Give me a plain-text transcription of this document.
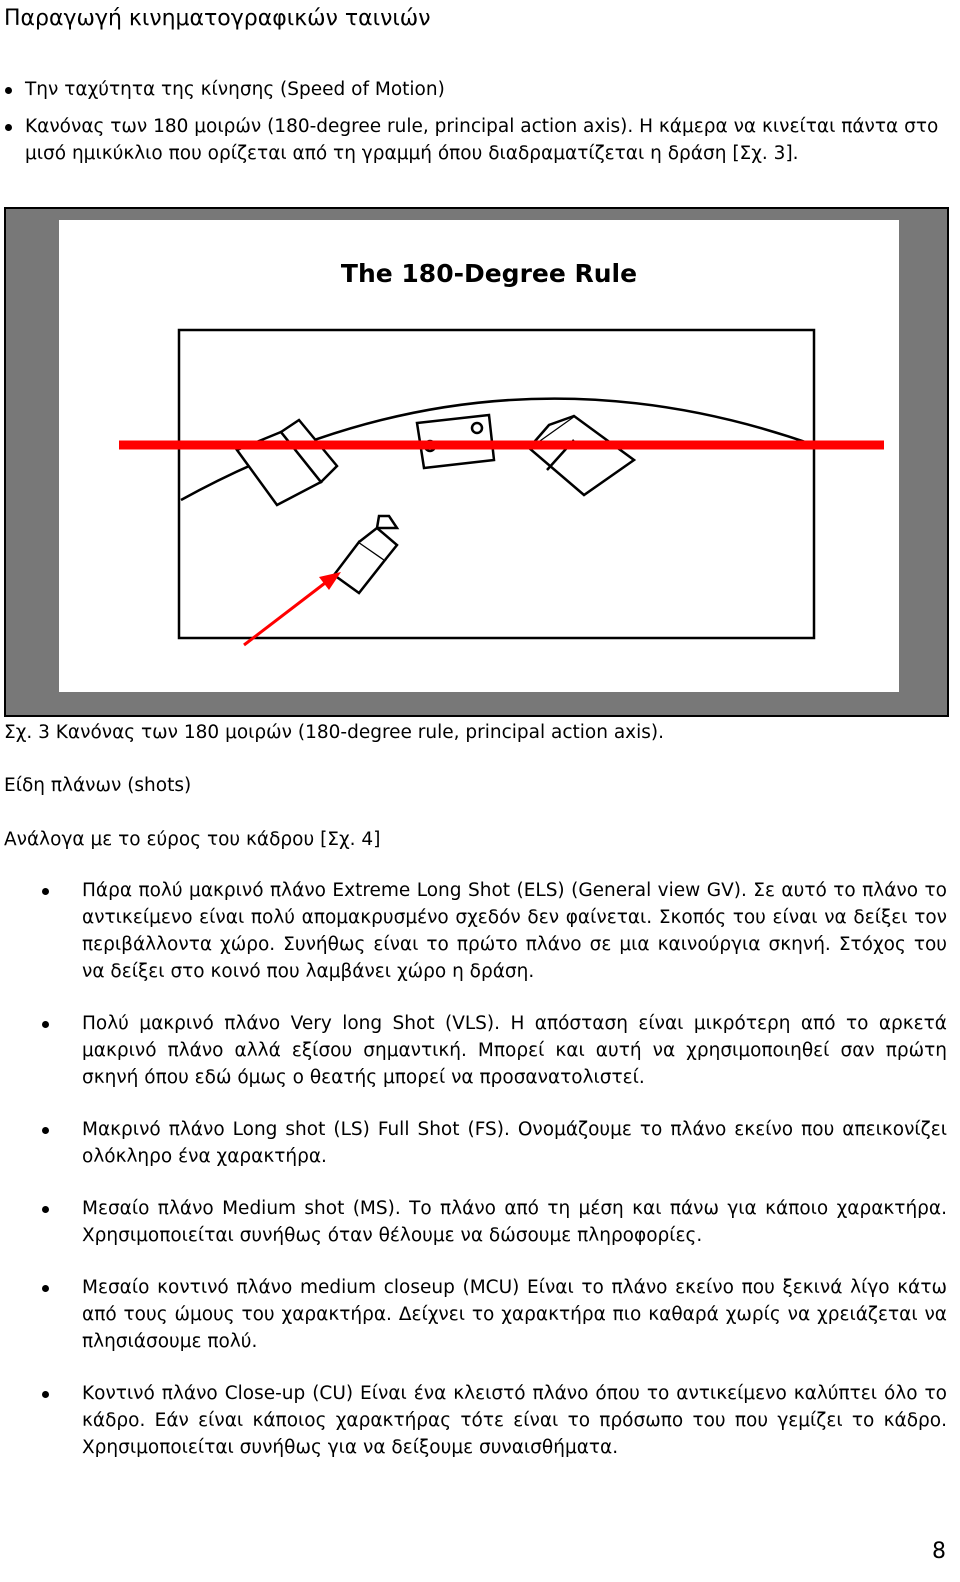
Παραγωγή κινηματογραφικών ταινιών
Την ταχύτητα της κίνησης (Speed of Motion)
Κανόνας των 180 μοιρών (180-degree rule, principal action axis). Η κάμερα να κινείται πάντα στο μισό ημικύκλιο που ορίζεται από τη γραμμή όπου διαδραματίζεται η δράση [Σχ. 3].
The 180-Degree Rule
Σχ. 3 Κανόνας των 180 μοιρών (180-degree rule, principal action axis).
Είδη πλάνων (shots)
Ανάλογα με το εύρος του κάδρου [Σχ. 4]
Πάρα πολύ μακρινό πλάνο Extreme Long Shot (ELS) (General view GV). Σε αυτό το πλάνο το αντικείμενο είναι πολύ απομακρυσμένο σχεδόν δεν φαίνεται. Σκοπός του είναι να δείξει τον περιβάλλοντα χώρο. Συνήθως είναι το πρώτο πλάνο σε μια καινούργια σκηνή. Στόχος του να δείξει στο κοινό που λαμβάνει χώρο η δράση.
Πολύ μακρινό πλάνο Very long Shot (VLS). Η απόσταση είναι μικρότερη από το αρκετά μακρινό πλάνο αλλά εξίσου σημαντική. Μπορεί και αυτή να χρησιμοποιηθεί σαν πρώτη σκηνή όπου εδώ όμως ο θεατής μπορεί να προσανατολιστεί.
Μακρινό πλάνο Long shot (LS) Full Shot (FS). Ονομάζουμε το πλάνο εκείνο που απεικονίζει ολόκληρο ένα χαρακτήρα.
Μεσαίο πλάνο Medium shot (MS). Το πλάνο από τη μέση και πάνω για κάποιο χαρακτήρα. Χρησιμοποιείται συνήθως όταν θέλουμε να δώσουμε πληροφορίες.
Μεσαίο κοντινό πλάνο medium closeup (MCU) Είναι το πλάνο εκείνο που ξεκινά λίγο κάτω από τους ώμους του χαρακτήρα. Δείχνει το χαρακτήρα πιο καθαρά χωρίς να χρειάζεται να πλησιάσουμε πολύ.
Κοντινό πλάνο Close-up (CU) Είναι ένα κλειστό πλάνο όπου το αντικείμενο καλύπτει όλο το κάδρο. Εάν είναι κάποιος χαρακτήρας τότε είναι το πρόσωπο του που γεμίζει το κάδρο. Χρησιμοποιείται συνήθως για να δείξουμε συναισθήματα.
8
